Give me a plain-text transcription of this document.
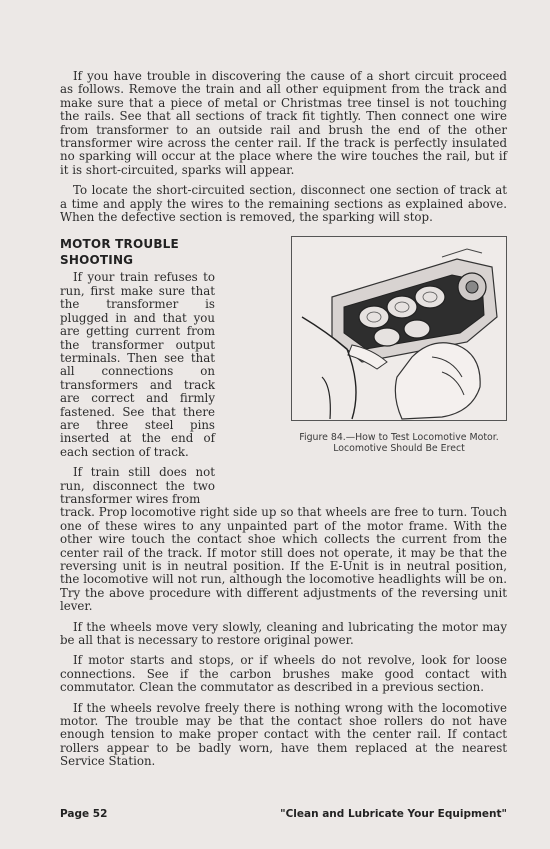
If you have trouble in discovering the cause of a short circuit proceed as follows. Remove the train and all other equipment from the track and make sure that a piece of metal or Christmas tree tinsel is not touching the rails. See that all sections of track fit tightly. Then connect one wire from transformer to an outside rail and brush the end of the other transformer wire across the center rail. If the track is perfectly insulated no sparking will occur at the place where the wire touches the rail, but if it is short-circuited, sparks will appear.

To locate the short-circuited section, disconnect one section of track at a time and apply the wires to the remaining sections as explained above. When the defective section is removed, the sparking will stop.

Figure 84.—How to Test Locomotive Motor. Locomotive Should Be Erect
MOTOR TROUBLE SHOOTING

If your train refuses to run, first make sure that the transformer is plugged in and that you are getting current from the transformer output terminals. Then see that all connections on transformers and track are correct and firmly fastened. See that there are three steel pins inserted at the end of each section of track.

If train still does not run, disconnect the two transformer wires from

track. Prop locomotive right side up so that wheels are free to turn. Touch one of these wires to any unpainted part of the motor frame. With the other wire touch the contact shoe which collects the current from the center rail of the track. If motor still does not operate, it may be that the reversing unit is in neutral position. If the E-Unit is in neutral position, the locomotive will not run, although the locomotive headlights will be on. Try the above procedure with different adjustments of the reversing unit lever.

If the wheels move very slowly, cleaning and lubricating the motor may be all that is necessary to restore original power.

If motor starts and stops, or if wheels do not revolve, look for loose connections. See if the carbon brushes make good contact with commutator. Clean the commutator as described in a previous section.

If the wheels revolve freely there is nothing wrong with the locomotive motor. The trouble may be that the contact shoe rollers do not have enough tension to make proper contact with the center rail. If contact rollers appear to be badly worn, have them replaced at the nearest Service Station.

Page 52	"Clean and Lubricate Your Equipment"
